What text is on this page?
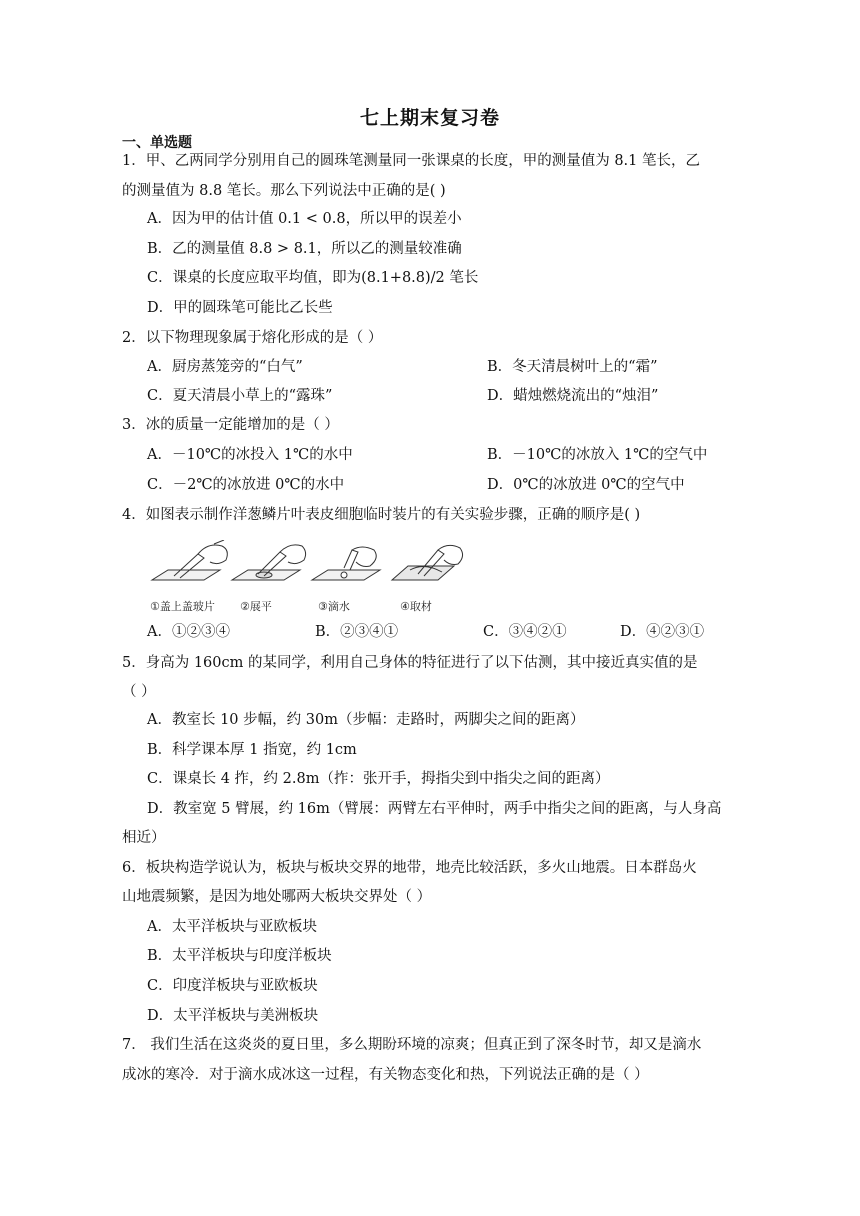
七上期末复习卷
一、单选题
1．甲、乙两同学分别用自己的圆珠笔测量同一张课桌的长度，甲的测量值为 8.1 笔长，乙
的测量值为 8.8 笔长。那么下列说法中正确的是( )
A．因为甲的估计值 0.1 < 0.8，所以甲的误差小
B．乙的测量值 8.8 > 8.1，所以乙的测量较准确
C．课桌的长度应取平均值，即为(8.1+8.8)/2 笔长
D．甲的圆珠笔可能比乙长些
2．以下物理现象属于熔化形成的是（ ）
A．厨房蒸笼旁的“白气”	B．冬天清晨树叶上的“霜”
C．夏天清晨小草上的“露珠”	D．蜡烛燃烧流出的“烛泪”
3．冰的质量一定能增加的是（ ）
A．－10℃的冰投入 1℃的水中	B．－10℃的冰放入 1℃的空气中
C．－2℃的冰放进 0℃的水中	D．0℃的冰放进 0℃的空气中
4．如图表示制作洋葱鳞片叶表皮细胞临时装片的有关实验步骤，正确的顺序是( )
①盖上盖玻片 ②展平	③滴水	④取材
A．①②③④	B．②③④①	C．③④②①	D．④②③①
5．身高为 160cm 的某同学，利用自己身体的特征进行了以下估测，其中接近真实值的是
（ ）
A．教室长 10 步幅，约 30m（步幅：走路时，两脚尖之间的距离）
B．科学课本厚 1 指宽，约 1cm
C．课桌长 4 拃，约 2.8m（拃：张开手，拇指尖到中指尖之间的距离）
D．教室宽 5 臂展，约 16m（臂展：两臂左右平伸时，两手中指尖之间的距离，与人身高
相近）
6．板块构造学说认为，板块与板块交界的地带，地壳比较活跃，多火山地震。日本群岛火
山地震频繁，是因为地处哪两大板块交界处（ ）
A．太平洋板块与亚欧板块
B．太平洋板块与印度洋板块
C．印度洋板块与亚欧板块
D．太平洋板块与美洲板块
7． 我们生活在这炎炎的夏日里，多么期盼环境的凉爽；但真正到了深冬时节，却又是滴水
成冰的寒冷．对于滴水成冰这一过程，有关物态变化和热，下列说法正确的是（ ）
